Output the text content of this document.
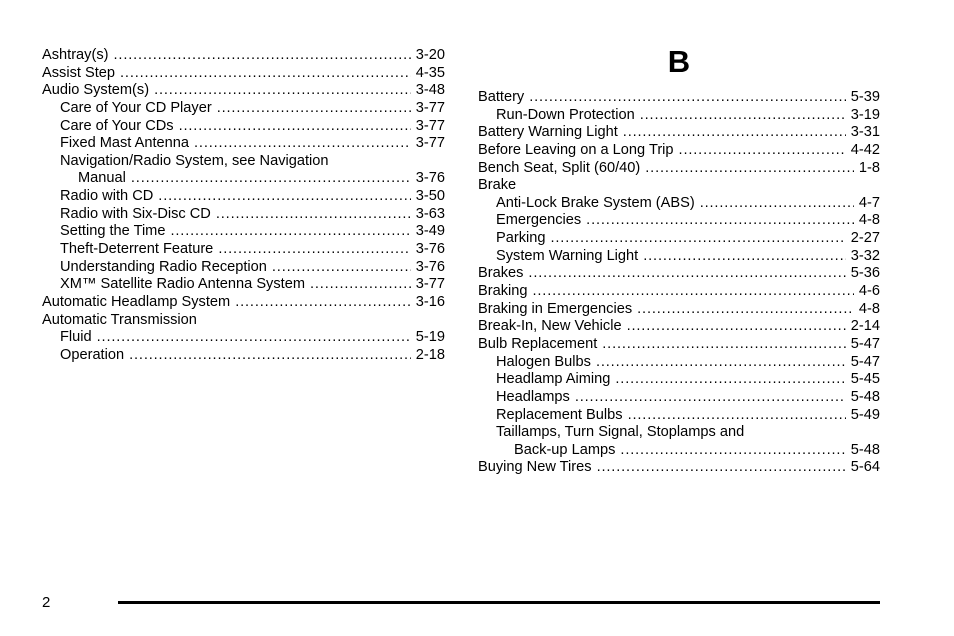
Ashtray(s) . . .	3-20
Assist Step . . .	4-35
Audio System(s) . . .	3-48
Care of Your CD Player . . .	3-77
Care of Your CDs . . .	3-77
Fixed Mast Antenna . . .	3-77
Navigation/Radio System, see Navigation
Manual . . .	3-76
Radio with CD . . .	3-50
Radio with Six-Disc CD . . .	3-63
Setting the Time . . .	3-49
Theft-Deterrent Feature . . .	3-76
Understanding Radio Reception . . .	3-76
XM™ Satellite Radio Antenna System . . .	3-77
Automatic Headlamp System . . .	3-16
Automatic Transmission
Fluid . . .	5-19
Operation . . .	2-18
B
Battery . . .	5-39
Run-Down Protection . . .	3-19
Battery Warning Light . . .	3-31
Before Leaving on a Long Trip . . .	4-42
Bench Seat, Split (60/40) . . .	1-8
Brake
Anti-Lock Brake System (ABS) . . .	4-7
Emergencies . . .	4-8
Parking . . .	2-27
System Warning Light . . .	3-32
Brakes . . .	5-36
Braking . . .	4-6
Braking in Emergencies . . .	4-8
Break-In, New Vehicle . . .	2-14
Bulb Replacement . . .	5-47
Halogen Bulbs . . .	5-47
Headlamp Aiming . . .	5-45
Headlamps . . .	5-48
Replacement Bulbs . . .	5-49
Taillamps, Turn Signal, Stoplamps and
Back-up Lamps . . .	5-48
Buying New Tires . . .	5-64
2
